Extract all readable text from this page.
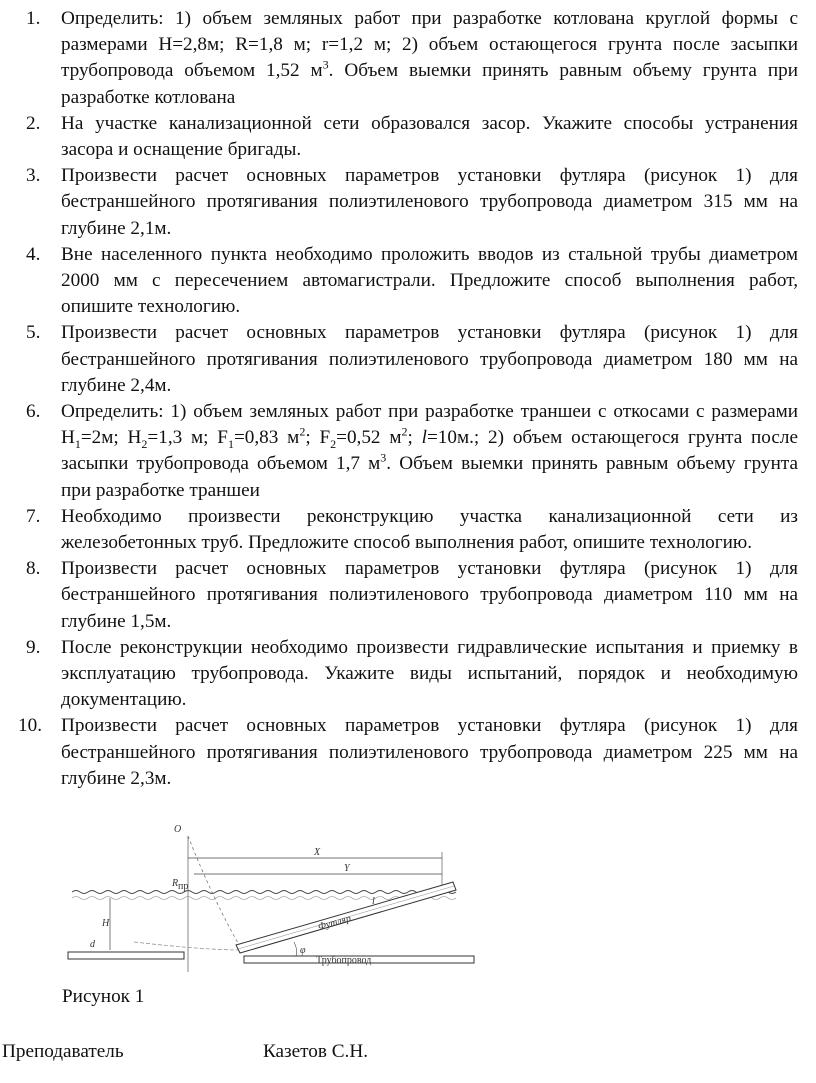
1. Определить: 1) объем земляных работ при разработке котлована круглой формы с размерами Н=2,8м; R=1,8 м; r=1,2 м; 2) объем остающегося грунта после засыпки трубопровода объемом 1,52 $м^3$. Объем выемки принять равным объему грунта при разработке котлована
2. На участке канализационной сети образовался засор. Укажите способы устранения засора и оснащение бригады.
3. Произвести расчет основных параметров установки футляра (рисунок 1) для бестраншейного протягивания полиэтиленового трубопровода диаметром 315 мм на глубине 2,1м.
4. Вне населенного пункта необходимо проложить вводов из стальной трубы диаметром 2000 мм с пересечением автомагистрали. Предложите способ выполнения работ, опишите технологию.
5. Произвести расчет основных параметров установки футляра (рисунок 1) для бестраншейного протягивания полиэтиленового трубопровода диаметром 180 мм на глубине 2,4м.
6. Определить: 1) объем земляных работ при разработке траншеи с откосами с размерами $Н_1=2м$; $Н_2=1,3$ м; $F_1=0,83$ $м^2$; $F_2=0,52$ $м^2$; l=10м.; 2) объем остающегося грунта после засыпки трубопровода объемом 1,7 $м^3$. Объем выемки принять равным объему грунта при разработке траншеи
7. Необходимо произвести реконструкцию участка канализационной сети из железобетонных труб. Предложите способ выполнения работ, опишите технологию.
8. Произвести расчет основных параметров установки футляра (рисунок 1) для бестраншейного протягивания полиэтиленового трубопровода диаметром 110 мм на глубине 1,5м.
9. После реконструкции необходимо произвести гидравлические испытания и приемку в эксплуатацию трубопровода. Укажите виды испытаний, порядок и необходимую документацию.
10. Произвести расчет основных параметров установки футляра (рисунок 1) для бестраншейного протягивания полиэтиленового трубопровода диаметром 225 мм на глубине 2,3м.
O
X
Y
R пр
H
d
Футляр
l
φ
Трубопровод
Рисунок 1
Преподаватель	Казетов С.Н.
